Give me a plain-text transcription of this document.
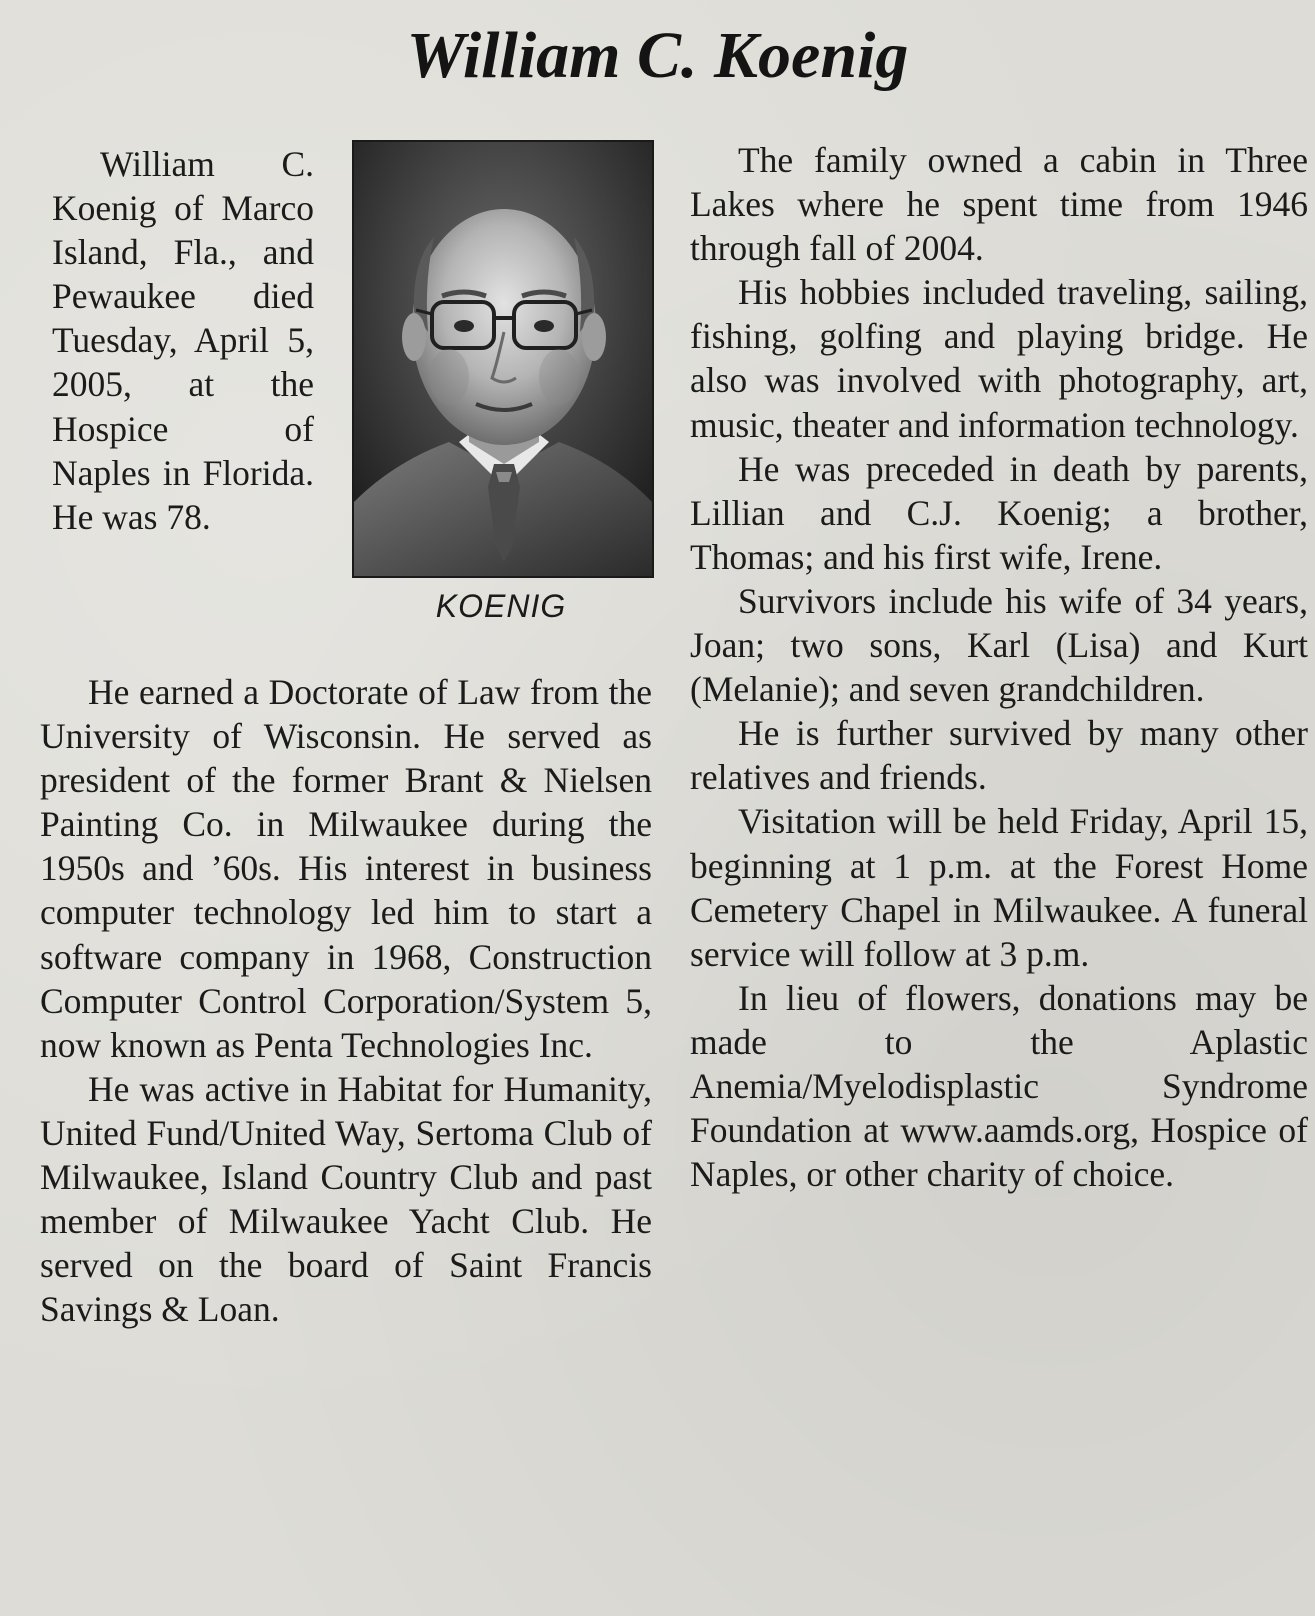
William C. Koenig

William C. Koenig of Marco Island, Fla., and Pewaukee died Tuesday, April 5, 2005, at the Hospice of Naples in Florida. He was 78.

KOENIG

He earned a Doctorate of Law from the University of Wisconsin. He served as president of the former Brant & Nielsen Painting Co. in Milwaukee during the 1950s and ’60s. His interest in business computer technology led him to start a software company in 1968, Construction Computer Control Corporation/System 5, now known as Penta Technologies Inc.

He was active in Habitat for Humanity, United Fund/United Way, Sertoma Club of Milwaukee, Island Country Club and past member of Milwaukee Yacht Club. He served on the board of Saint Francis Savings & Loan.

The family owned a cabin in Three Lakes where he spent time from 1946 through fall of 2004.

His hobbies included traveling, sailing, fishing, golfing and playing bridge. He also was involved with photography, art, music, theater and information technology.

He was preceded in death by parents, Lillian and C.J. Koenig; a brother, Thomas; and his first wife, Irene.

Survivors include his wife of 34 years, Joan; two sons, Karl (Lisa) and Kurt (Melanie); and seven grandchildren.

He is further survived by many other relatives and friends.

Visitation will be held Friday, April 15, beginning at 1 p.m. at the Forest Home Cemetery Chapel in Milwaukee. A funeral service will follow at 3 p.m.

In lieu of flowers, donations may be made to the Aplastic Anemia/Myelodisplastic Syndrome Foundation at www.aamds.org, Hospice of Naples, or other charity of choice.
